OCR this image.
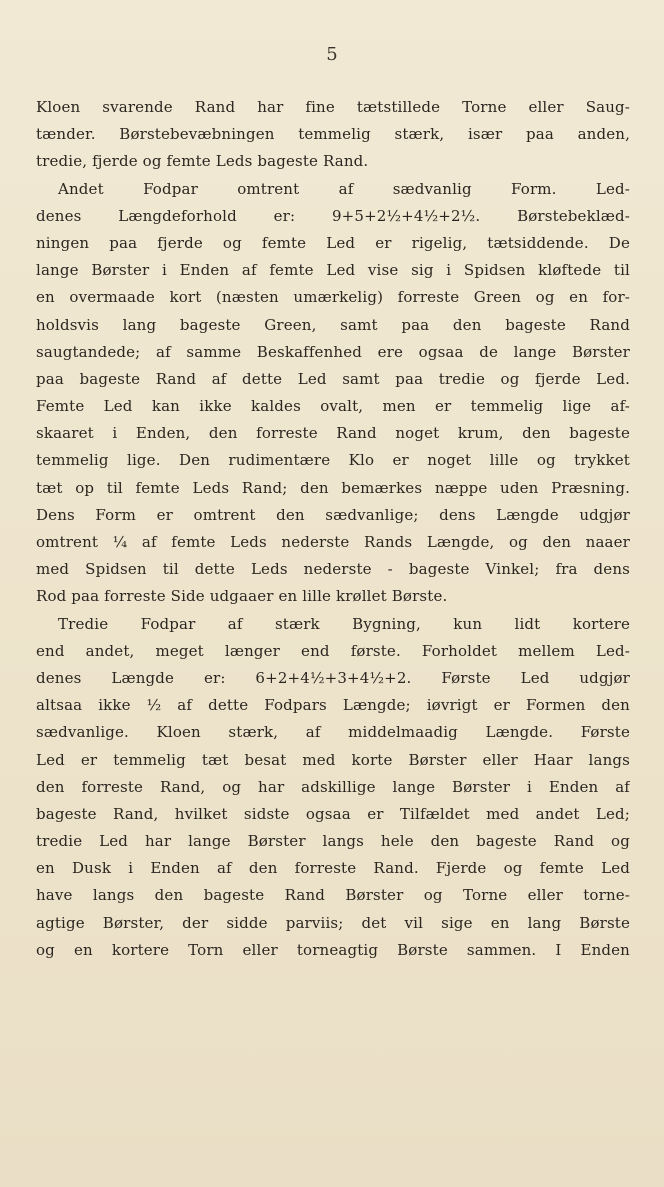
5
Kloen svarende Rand har fine tætstillede Torne eller Saug-
tænder. Børstebevæbningen temmelig stærk, især paa anden,
tredie, fjerde og femte Leds bageste Rand.
Andet Fodpar omtrent af sædvanlig Form. Led-
denes Længdeforhold er: 9+5+2½+4½+2½. Børstebeklæd-
ningen paa fjerde og femte Led er rigelig, tætsiddende. De
lange Børster i Enden af femte Led vise sig i Spidsen kløftede til
en overmaade kort (næsten umærkelig) forreste Green og en for-
holdsvis lang bageste Green, samt paa den bageste Rand
saugtandede; af samme Beskaffenhed ere ogsaa de lange Børster
paa bageste Rand af dette Led samt paa tredie og fjerde Led.
Femte Led kan ikke kaldes ovalt, men er temmelig lige af-
skaaret i Enden, den forreste Rand noget krum, den bageste
temmelig lige. Den rudimentære Klo er noget lille og trykket
tæt op til femte Leds Rand; den bemærkes næppe uden Præsning.
Dens Form er omtrent den sædvanlige; dens Længde udgjør
omtrent ¼ af femte Leds nederste Rands Længde, og den naaer
med Spidsen til dette Leds nederste - bageste Vinkel; fra dens
Rod paa forreste Side udgaaer en lille krøllet Børste.
Tredie Fodpar af stærk Bygning, kun lidt kortere
end andet, meget længer end første. Forholdet mellem Led-
denes Længde er: 6+2+4½+3+4½+2. Første Led udgjør
altsaa ikke ½ af dette Fodpars Længde; iøvrigt er Formen den
sædvanlige. Kloen stærk, af middelmaadig Længde. Første
Led er temmelig tæt besat med korte Børster eller Haar langs
den forreste Rand, og har adskillige lange Børster i Enden af
bageste Rand, hvilket sidste ogsaa er Tilfældet med andet Led;
tredie Led har lange Børster langs hele den bageste Rand og
en Dusk i Enden af den forreste Rand. Fjerde og femte Led
have langs den bageste Rand Børster og Torne eller torne-
agtige Børster, der sidde parviis; det vil sige en lang Børste
og en kortere Torn eller torneagtig Børste sammen. I Enden
